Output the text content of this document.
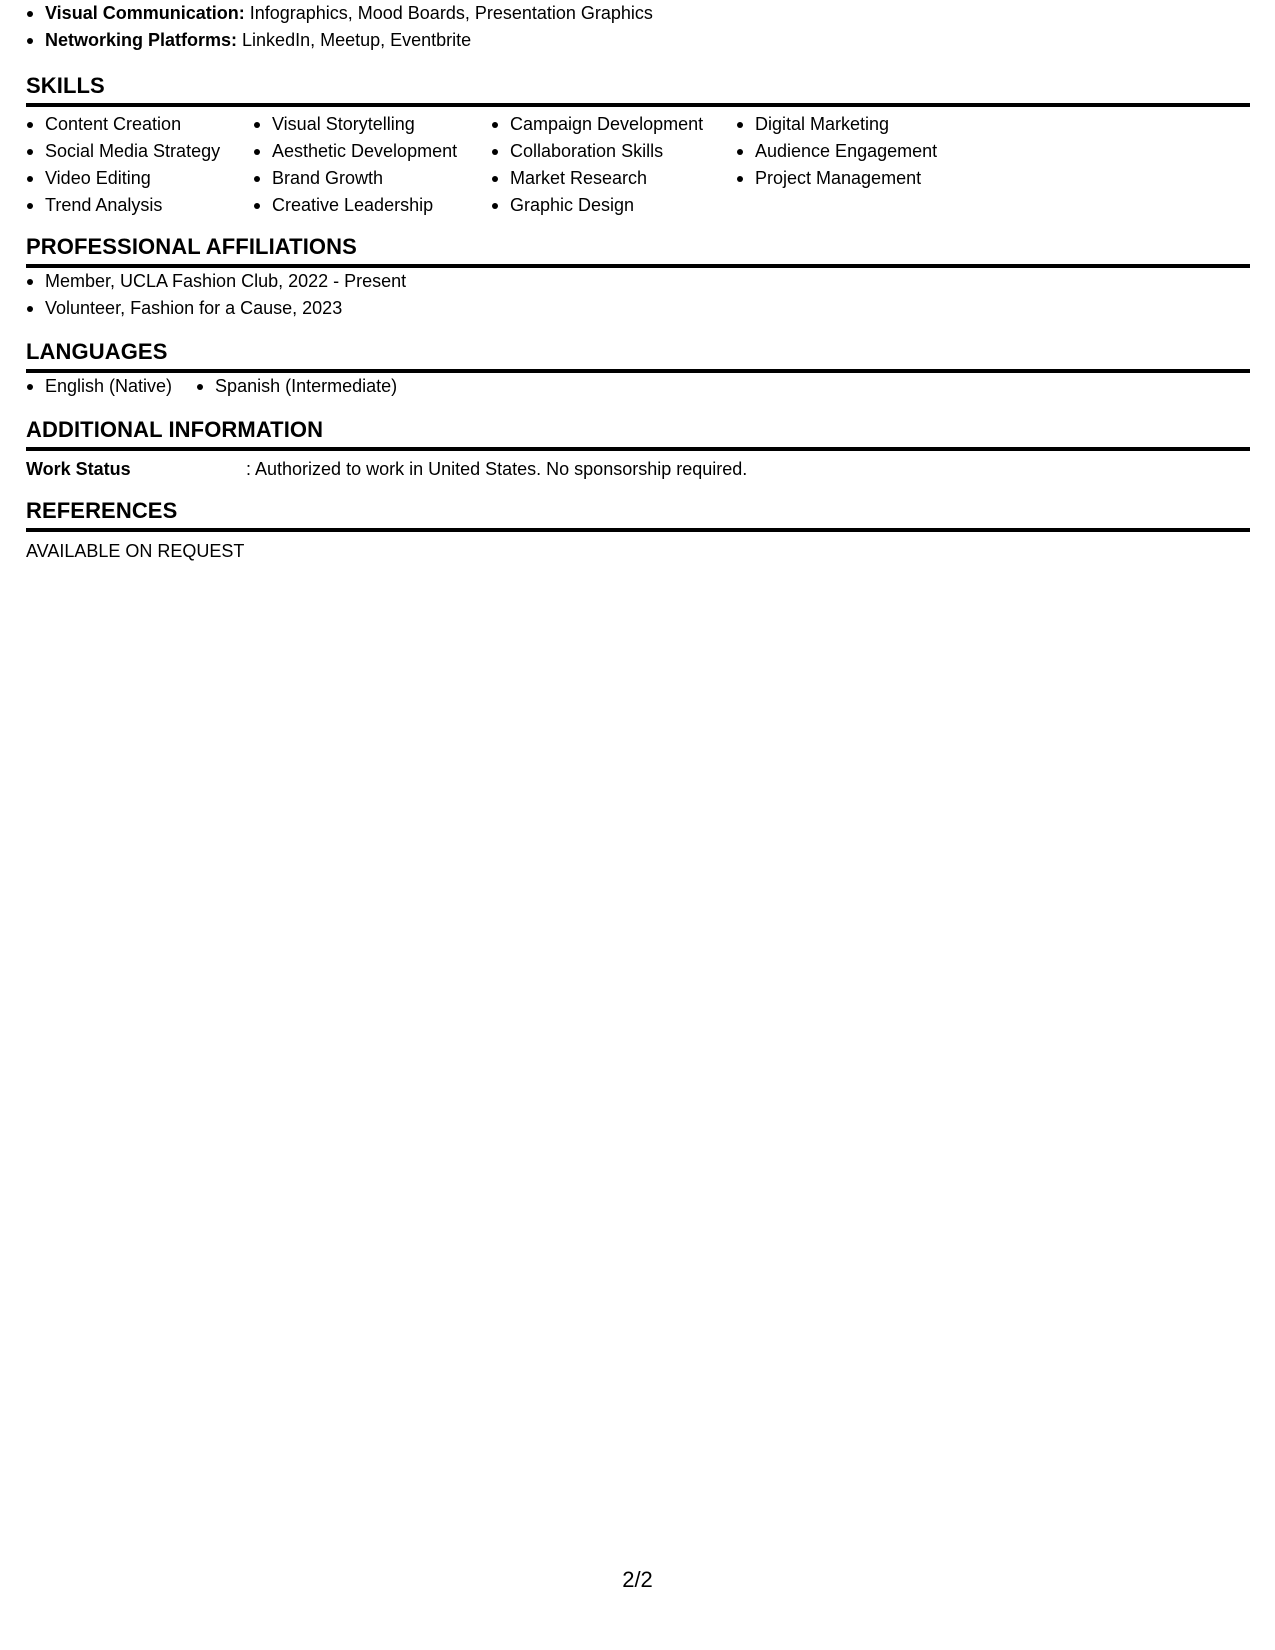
Visual Communication: Infographics, Mood Boards, Presentation Graphics
Networking Platforms: LinkedIn, Meetup, Eventbrite
SKILLS
Content Creation
Social Media Strategy
Video Editing
Trend Analysis
Visual Storytelling
Aesthetic Development
Brand Growth
Creative Leadership
Campaign Development
Collaboration Skills
Market Research
Graphic Design
Digital Marketing
Audience Engagement
Project Management
PROFESSIONAL AFFILIATIONS
Member, UCLA Fashion Club, 2022 - Present
Volunteer, Fashion for a Cause, 2023
LANGUAGES
English (Native)	Spanish (Intermediate)
ADDITIONAL INFORMATION
Work Status	: Authorized to work in United States. No sponsorship required.
REFERENCES
AVAILABLE ON REQUEST
2/2
